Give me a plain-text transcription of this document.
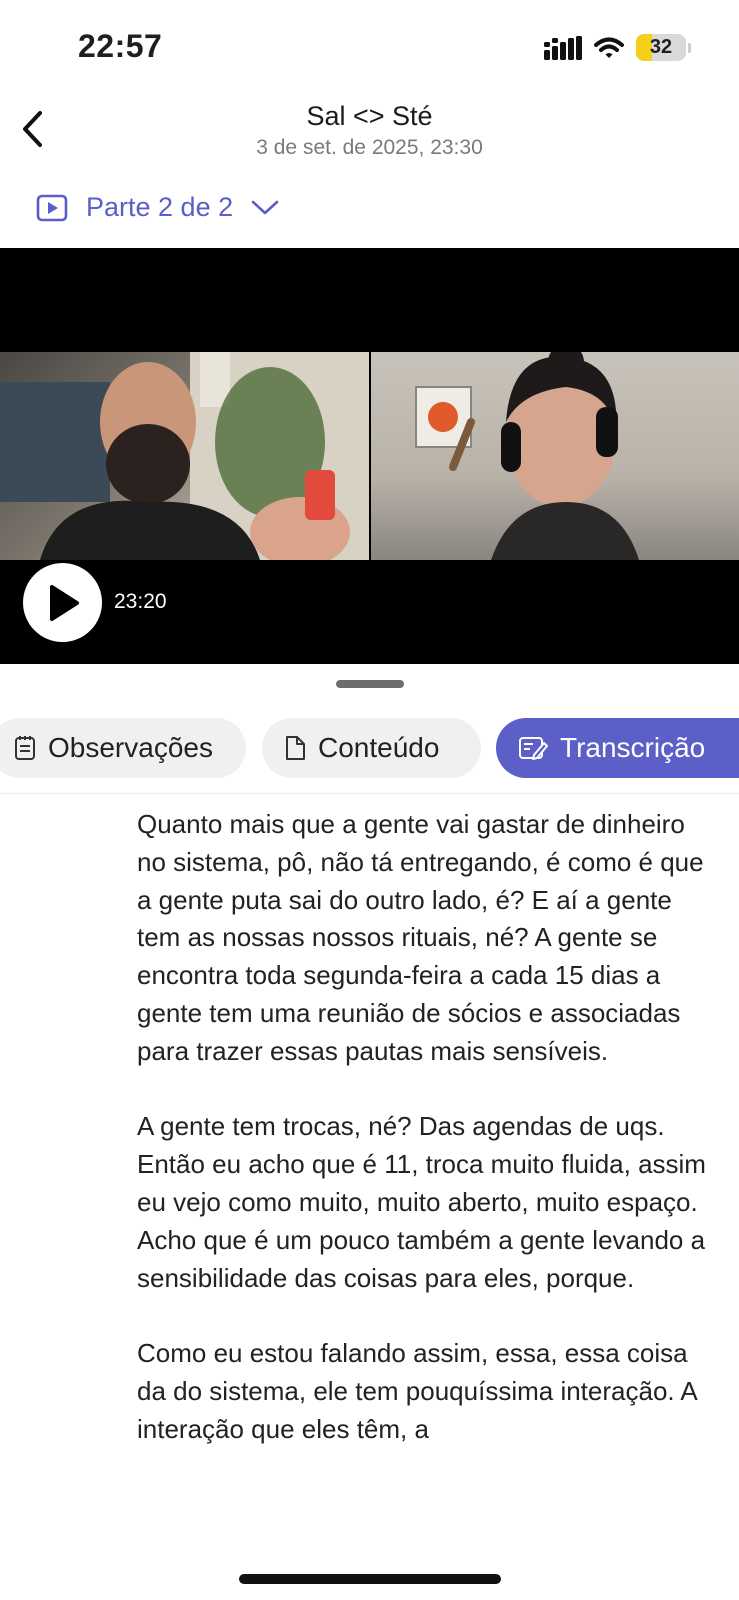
22:57	32
Sal <> Sté
3 de set. de 2025, 23:30
Parte 2 de 2
23:20
Observações	Conteúdo	Transcrição

Quanto mais que a gente vai gastar de dinheiro no sistema, pô, não tá entregando, é como é que a gente puta sai do outro lado, é? E aí a gente tem as nossas nossos rituais, né? A gente se encontra toda segunda-feira a cada 15 dias a gente tem uma reunião de sócios e associadas para trazer essas pautas mais sensíveis.

A gente tem trocas, né? Das agendas de uqs. Então eu acho que é 11, troca muito fluida, assim eu vejo como muito, muito aberto, muito espaço. Acho que é um pouco também a gente levando a sensibilidade das coisas para eles, porque.

Como eu estou falando assim, essa, essa coisa da do sistema, ele tem pouquíssima interação. A interação que eles têm, a
